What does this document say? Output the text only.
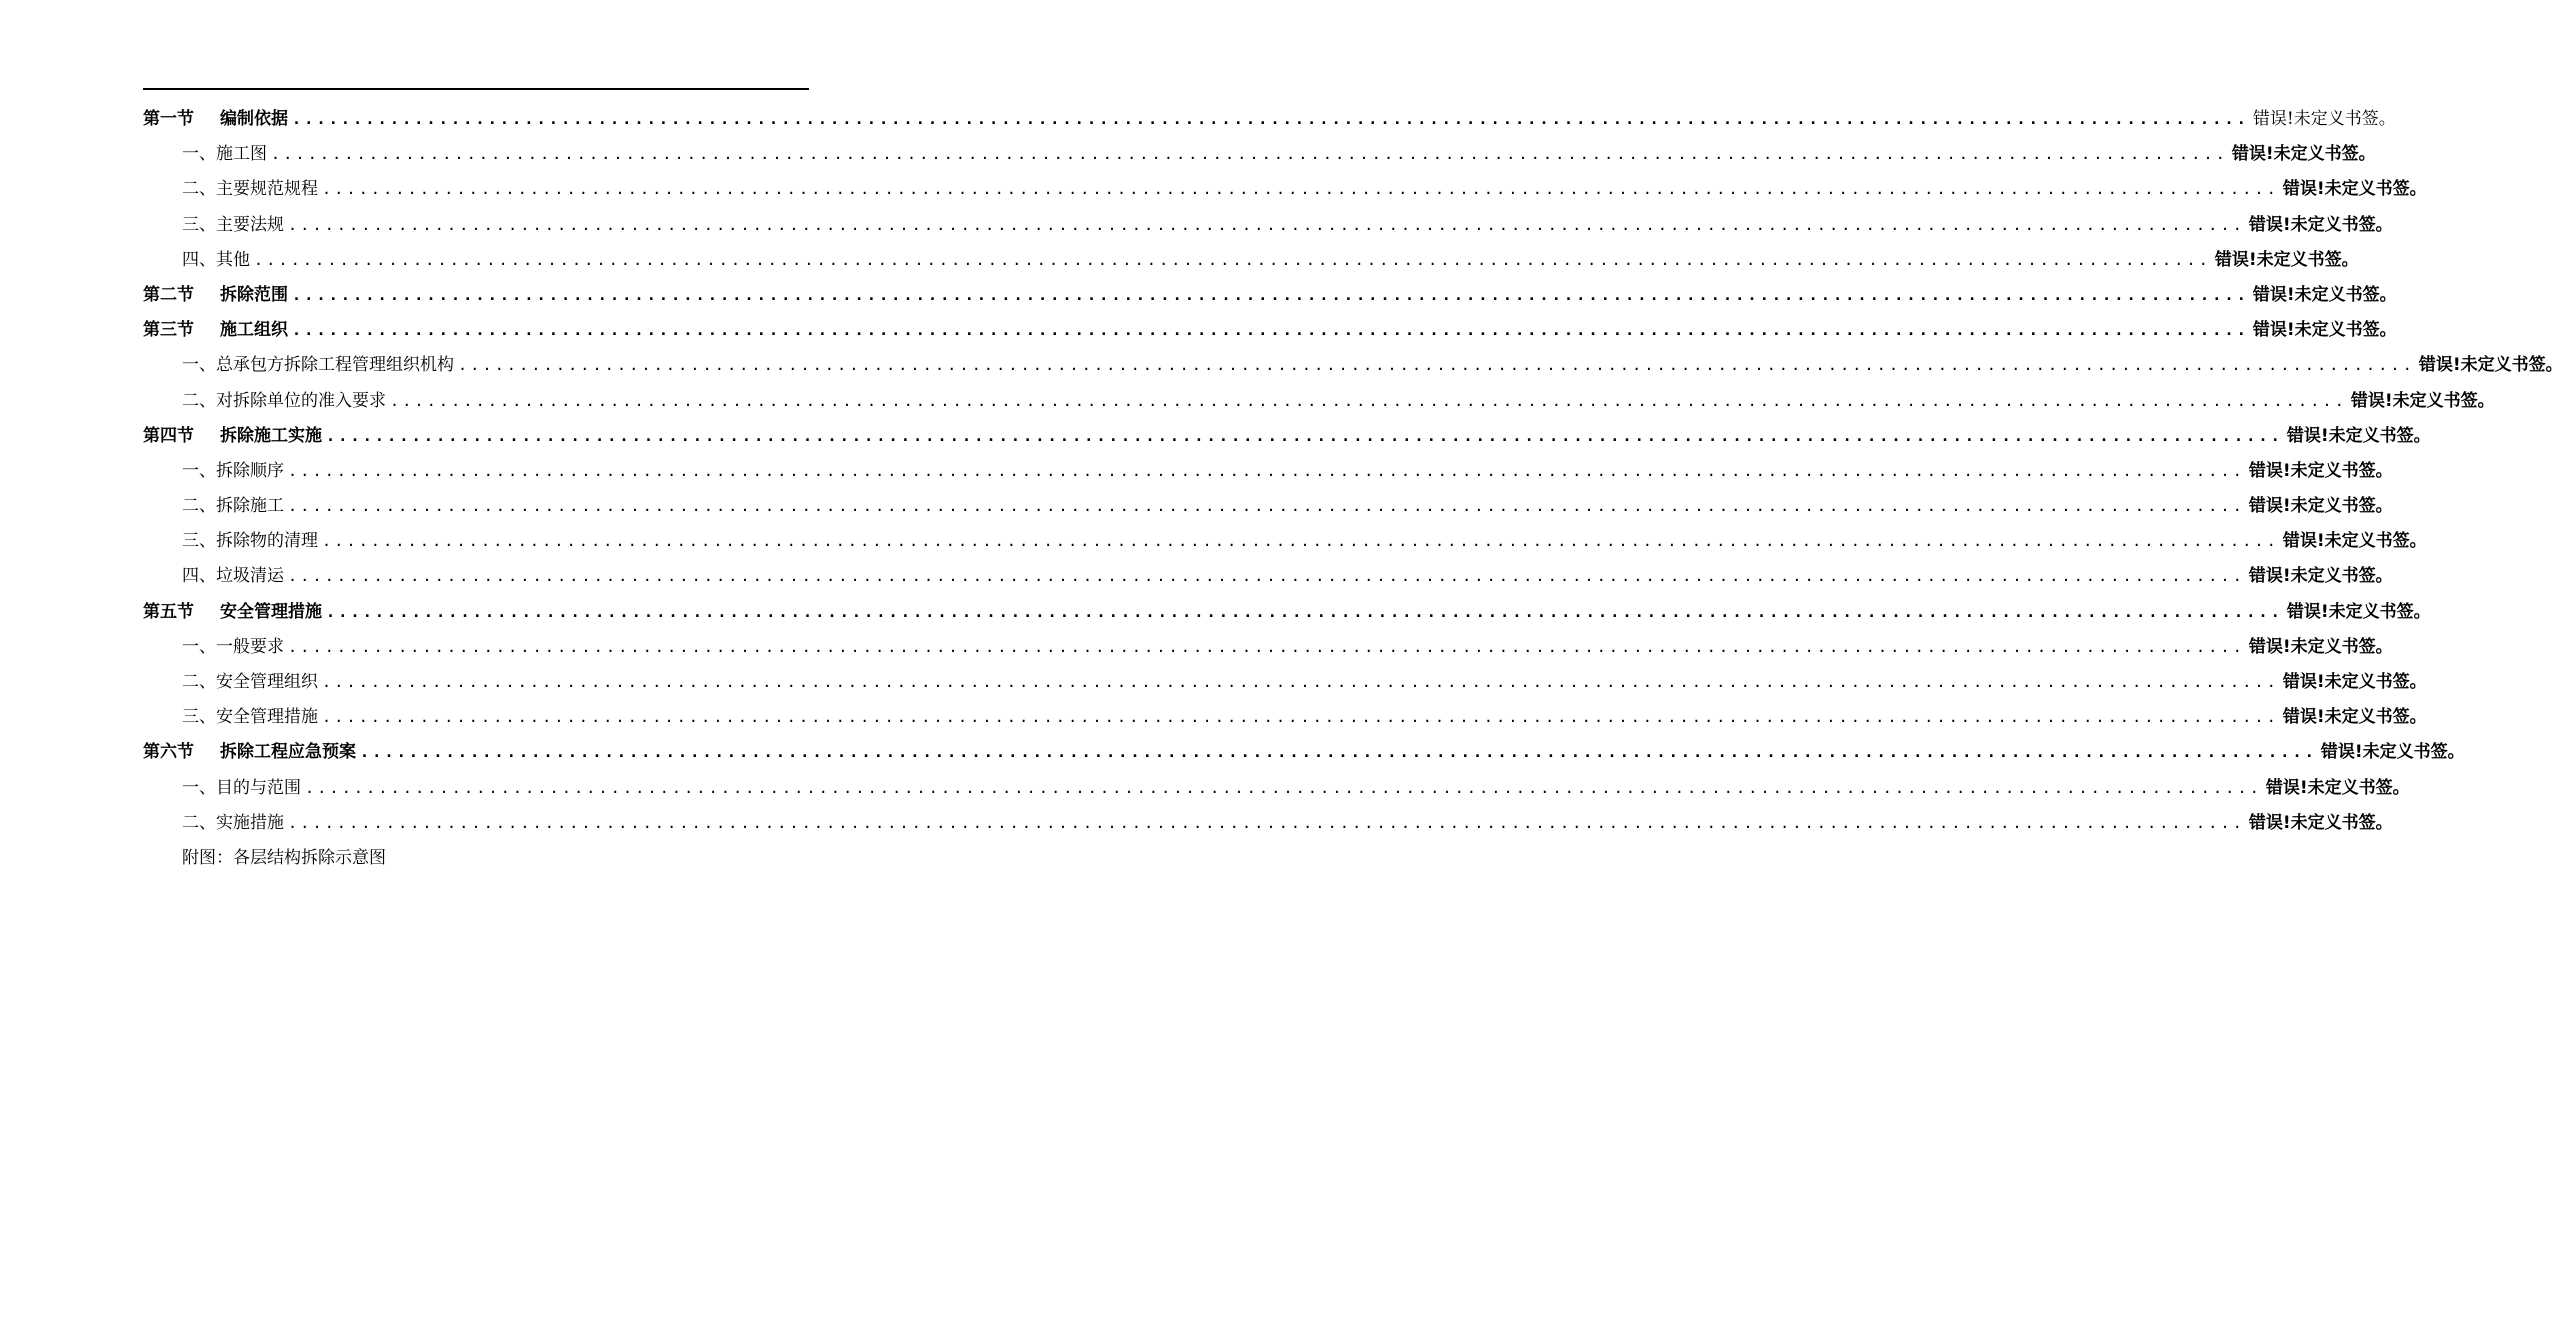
第一节	编制依据 ................................................................................................................................................................ 错误!未定义书签。
一、施工图 ................................................................................................................................................................ 错误!未定义书签。
二、主要规范规程 ................................................................................................................................................................ 错误!未定义书签。
三、主要法规 ................................................................................................................................................................ 错误!未定义书签。
四、其他 ................................................................................................................................................................ 错误!未定义书签。
第二节	拆除范围 ................................................................................................................................................................ 错误!未定义书签。
第三节	施工组织 ................................................................................................................................................................ 错误!未定义书签。
一、总承包方拆除工程管理组织机构 ................................................................................................................................................................ 错误!未定义书签。
二、对拆除单位的准入要求 ................................................................................................................................................................ 错误!未定义书签。
第四节	拆除施工实施 ................................................................................................................................................................ 错误!未定义书签。
一、拆除顺序 ................................................................................................................................................................ 错误!未定义书签。
二、拆除施工 ................................................................................................................................................................ 错误!未定义书签。
三、拆除物的清理 ................................................................................................................................................................ 错误!未定义书签。
四、垃圾清运 ................................................................................................................................................................ 错误!未定义书签。
第五节	安全管理措施 ................................................................................................................................................................ 错误!未定义书签。
一、一般要求 ................................................................................................................................................................ 错误!未定义书签。
二、安全管理组织 ................................................................................................................................................................ 错误!未定义书签。
三、安全管理措施 ................................................................................................................................................................ 错误!未定义书签。
第六节	拆除工程应急预案 ................................................................................................................................................................ 错误!未定义书签。
一、目的与范围 ................................................................................................................................................................ 错误!未定义书签。
二、实施措施 ................................................................................................................................................................ 错误!未定义书签。
附图：各层结构拆除示意图
